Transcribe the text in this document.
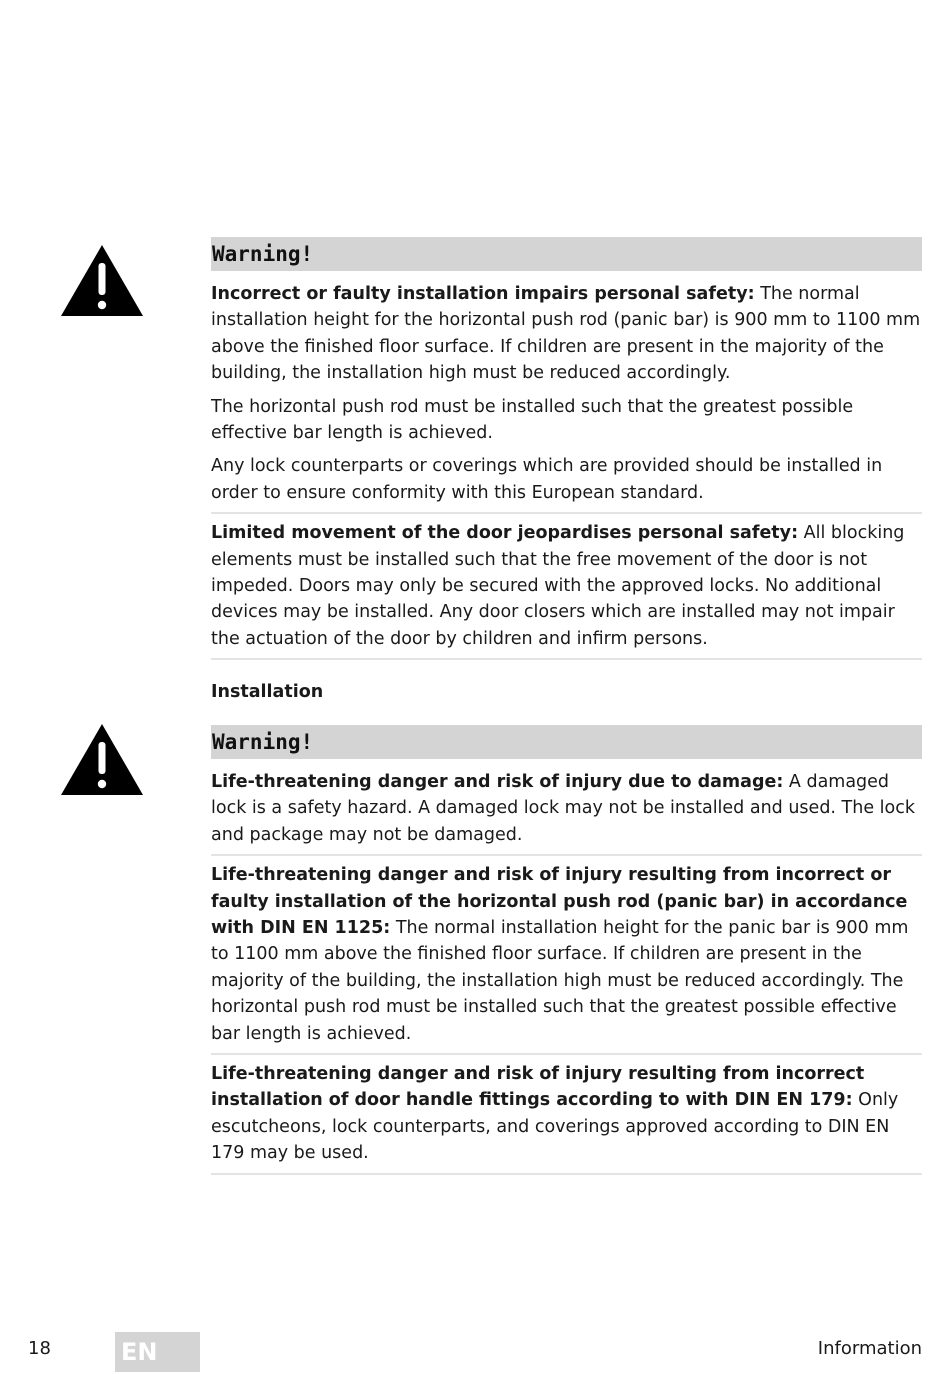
Warning!

Incorrect or faulty installation impairs personal safety: The normal installation height for the horizontal push rod (panic bar) is 900 mm to 1100 mm above the finished floor surface. If children are present in the majority of the building, the installation high must be reduced accordingly.

The horizontal push rod must be installed such that the greatest possible effective bar length is achieved.

Any lock counterparts or coverings which are provided should be installed in order to ensure conformity with this European standard.

Limited movement of the door jeopardises personal safety: All blocking elements must be installed such that the free movement of the door is not impeded. Doors may only be secured with the approved locks. No additional devices may be installed. Any door closers which are installed may not impair the actuation of the door by children and infirm persons.

Installation
Warning!

Life-threatening danger and risk of injury due to damage: A damaged lock is a safety hazard. A damaged lock may not be installed and used. The lock and package may not be damaged.

Life-threatening danger and risk of injury resulting from incorrect or faulty installation of the horizontal push rod (panic bar) in accordance with DIN EN 1125: The normal installation height for the panic bar is 900 mm to 1100 mm above the finished floor surface. If children are present in the majority of the building, the installation high must be reduced accordingly. The horizontal push rod must be installed such that the greatest possible effective bar length is achieved.

Life-threatening danger and risk of injury resulting from incorrect installation of door handle fittings according to with DIN EN 179: Only escutcheons, lock counterparts, and coverings approved according to DIN EN 179 may be used.

18	EN	Information
